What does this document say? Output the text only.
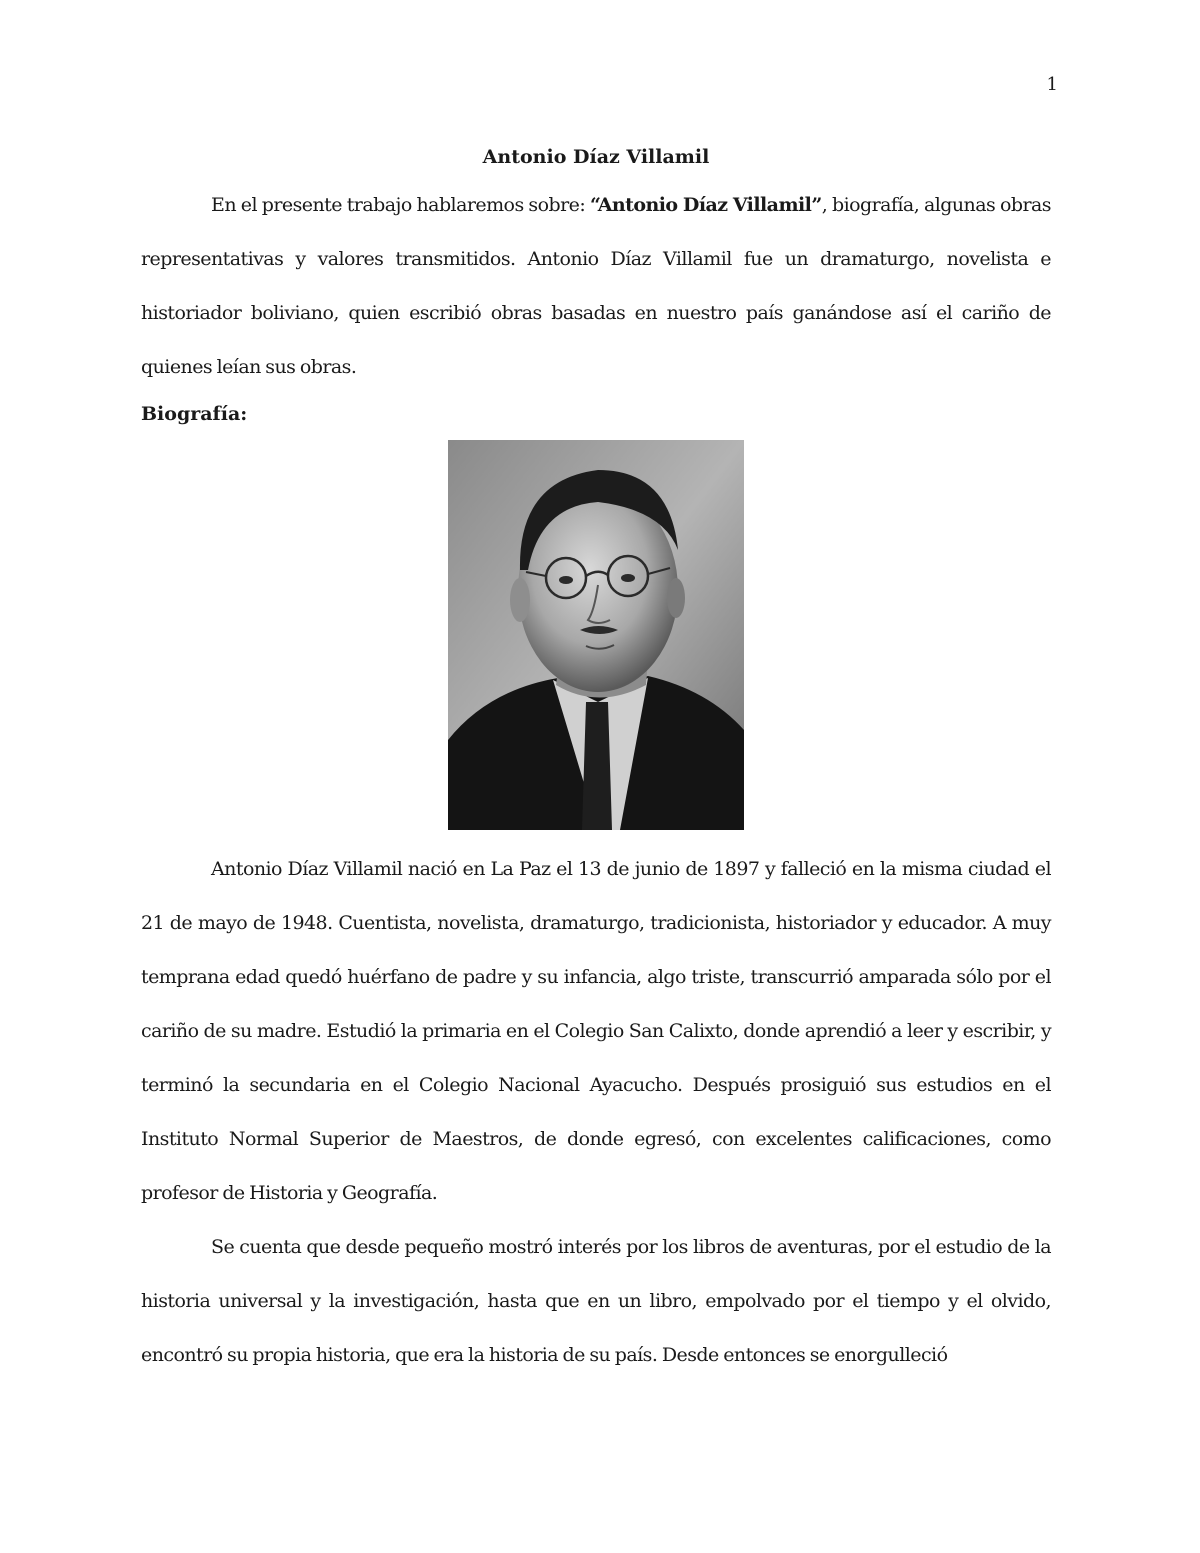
1
Antonio Díaz Villamil

En el presente trabajo hablaremos sobre: “Antonio Díaz Villamil”, biografía, algunas obras representativas y valores transmitidos. Antonio Díaz Villamil fue un dramaturgo, novelista e historiador boliviano, quien escribió obras basadas en nuestro país ganándose así el cariño de quienes leían sus obras.

Biografía:

Antonio Díaz Villamil nació en La Paz el 13 de junio de 1897 y falleció en la misma ciudad el 21 de mayo de 1948. Cuentista, novelista, dramaturgo, tradicionista, historiador y educador. A muy temprana edad quedó huérfano de padre y su infancia, algo triste, transcurrió amparada sólo por el cariño de su madre. Estudió la primaria en el Colegio San Calixto, donde aprendió a leer y escribir, y terminó la secundaria en el Colegio Nacional Ayacucho. Después prosiguió sus estudios en el Instituto Normal Superior de Maestros, de donde egresó, con excelentes calificaciones, como profesor de Historia y Geografía.

Se cuenta que desde pequeño mostró interés por los libros de aventuras, por el estudio de la historia universal y la investigación, hasta que en un libro, empolvado por el tiempo y el olvido, encontró su propia historia, que era la historia de su país. Desde entonces se enorgulleció
